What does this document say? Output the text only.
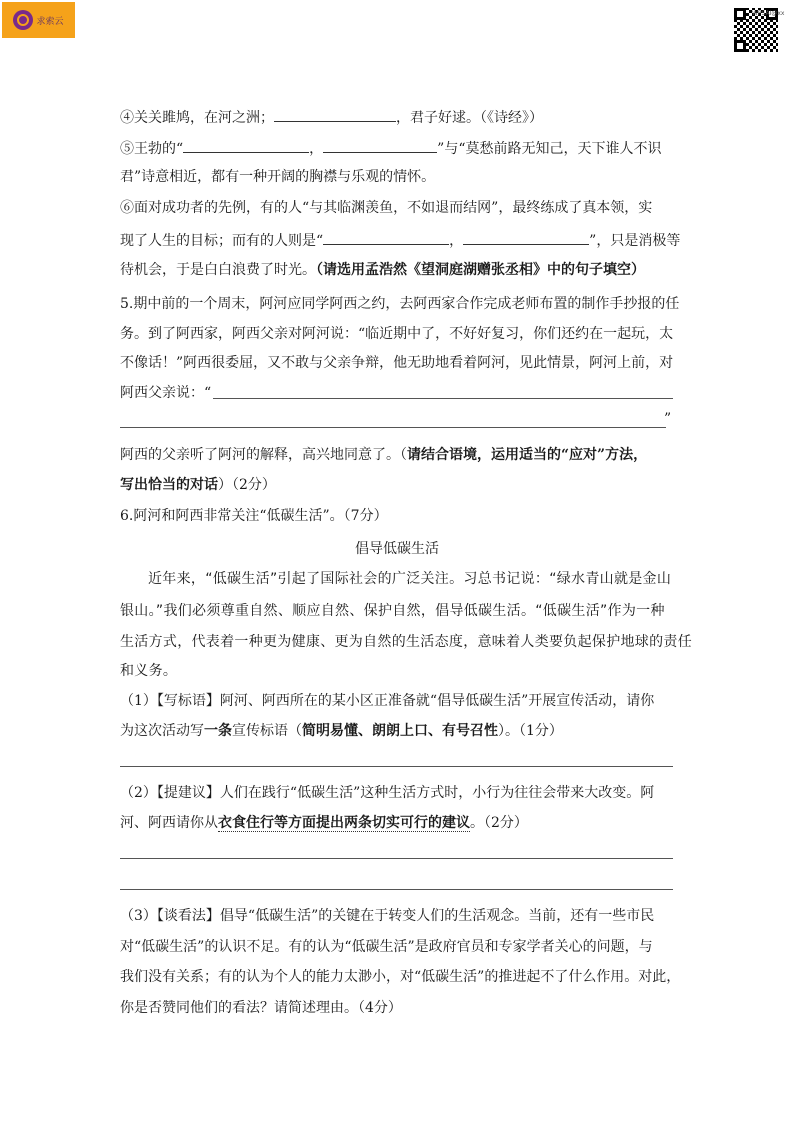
求索云
WPSAI@xx
④关关雎鸠，在河之洲；	，君子好逑。（《诗经》）
⑤王勃的“	，	”与“莫愁前路无知己，天下谁人不识
君”诗意相近，都有一种开阔的胸襟与乐观的情怀。
⑥面对成功者的先例，有的人“与其临渊羡鱼，不如退而结网”，最终练成了真本领，实
现了人生的目标；而有的人则是“	，	”，只是消极等
待机会，于是白白浪费了时光。（请选用孟浩然《望洞庭湖赠张丞相》中的句子填空）
5.期中前的一个周末，阿河应同学阿西之约，去阿西家合作完成老师布置的制作手抄报的任
务。到了阿西家，阿西父亲对阿河说：“临近期中了，不好好复习，你们还约在一起玩，太
不像话！”阿西很委屈，又不敢与父亲争辩，他无助地看着阿河，见此情景，阿河上前，对
阿西父亲说：“
”
阿西的父亲听了阿河的解释，高兴地同意了。（请结合语境，运用适当的“应对”方法，
写出恰当的对话）（2分）
6.阿河和阿西非常关注“低碳生活”。（7分）
倡导低碳生活
近年来，“低碳生活”引起了国际社会的广泛关注。习总书记说：“绿水青山就是金山
银山。”我们必须尊重自然、顺应自然、保护自然，倡导低碳生活。“低碳生活”作为一种
生活方式，代表着一种更为健康、更为自然的生活态度，意味着人类要负起保护地球的责任
和义务。
（1）【写标语】阿河、阿西所在的某小区正准备就“倡导低碳生活”开展宣传活动，请你
为这次活动写一条宣传标语（简明易懂、朗朗上口、有号召性）。（1分）
（2）【提建议】人们在践行“低碳生活”这种生活方式时，小行为往往会带来大改变。阿
河、阿西请你从衣食住行等方面提出两条切实可行的建议。（2分）
（3）【谈看法】倡导“低碳生活”的关键在于转变人们的生活观念。当前，还有一些市民
对“低碳生活”的认识不足。有的认为“低碳生活”是政府官员和专家学者关心的问题，与
我们没有关系；有的认为个人的能力太渺小，对“低碳生活”的推进起不了什么作用。对此，
你是否赞同他们的看法？请简述理由。（4分）
